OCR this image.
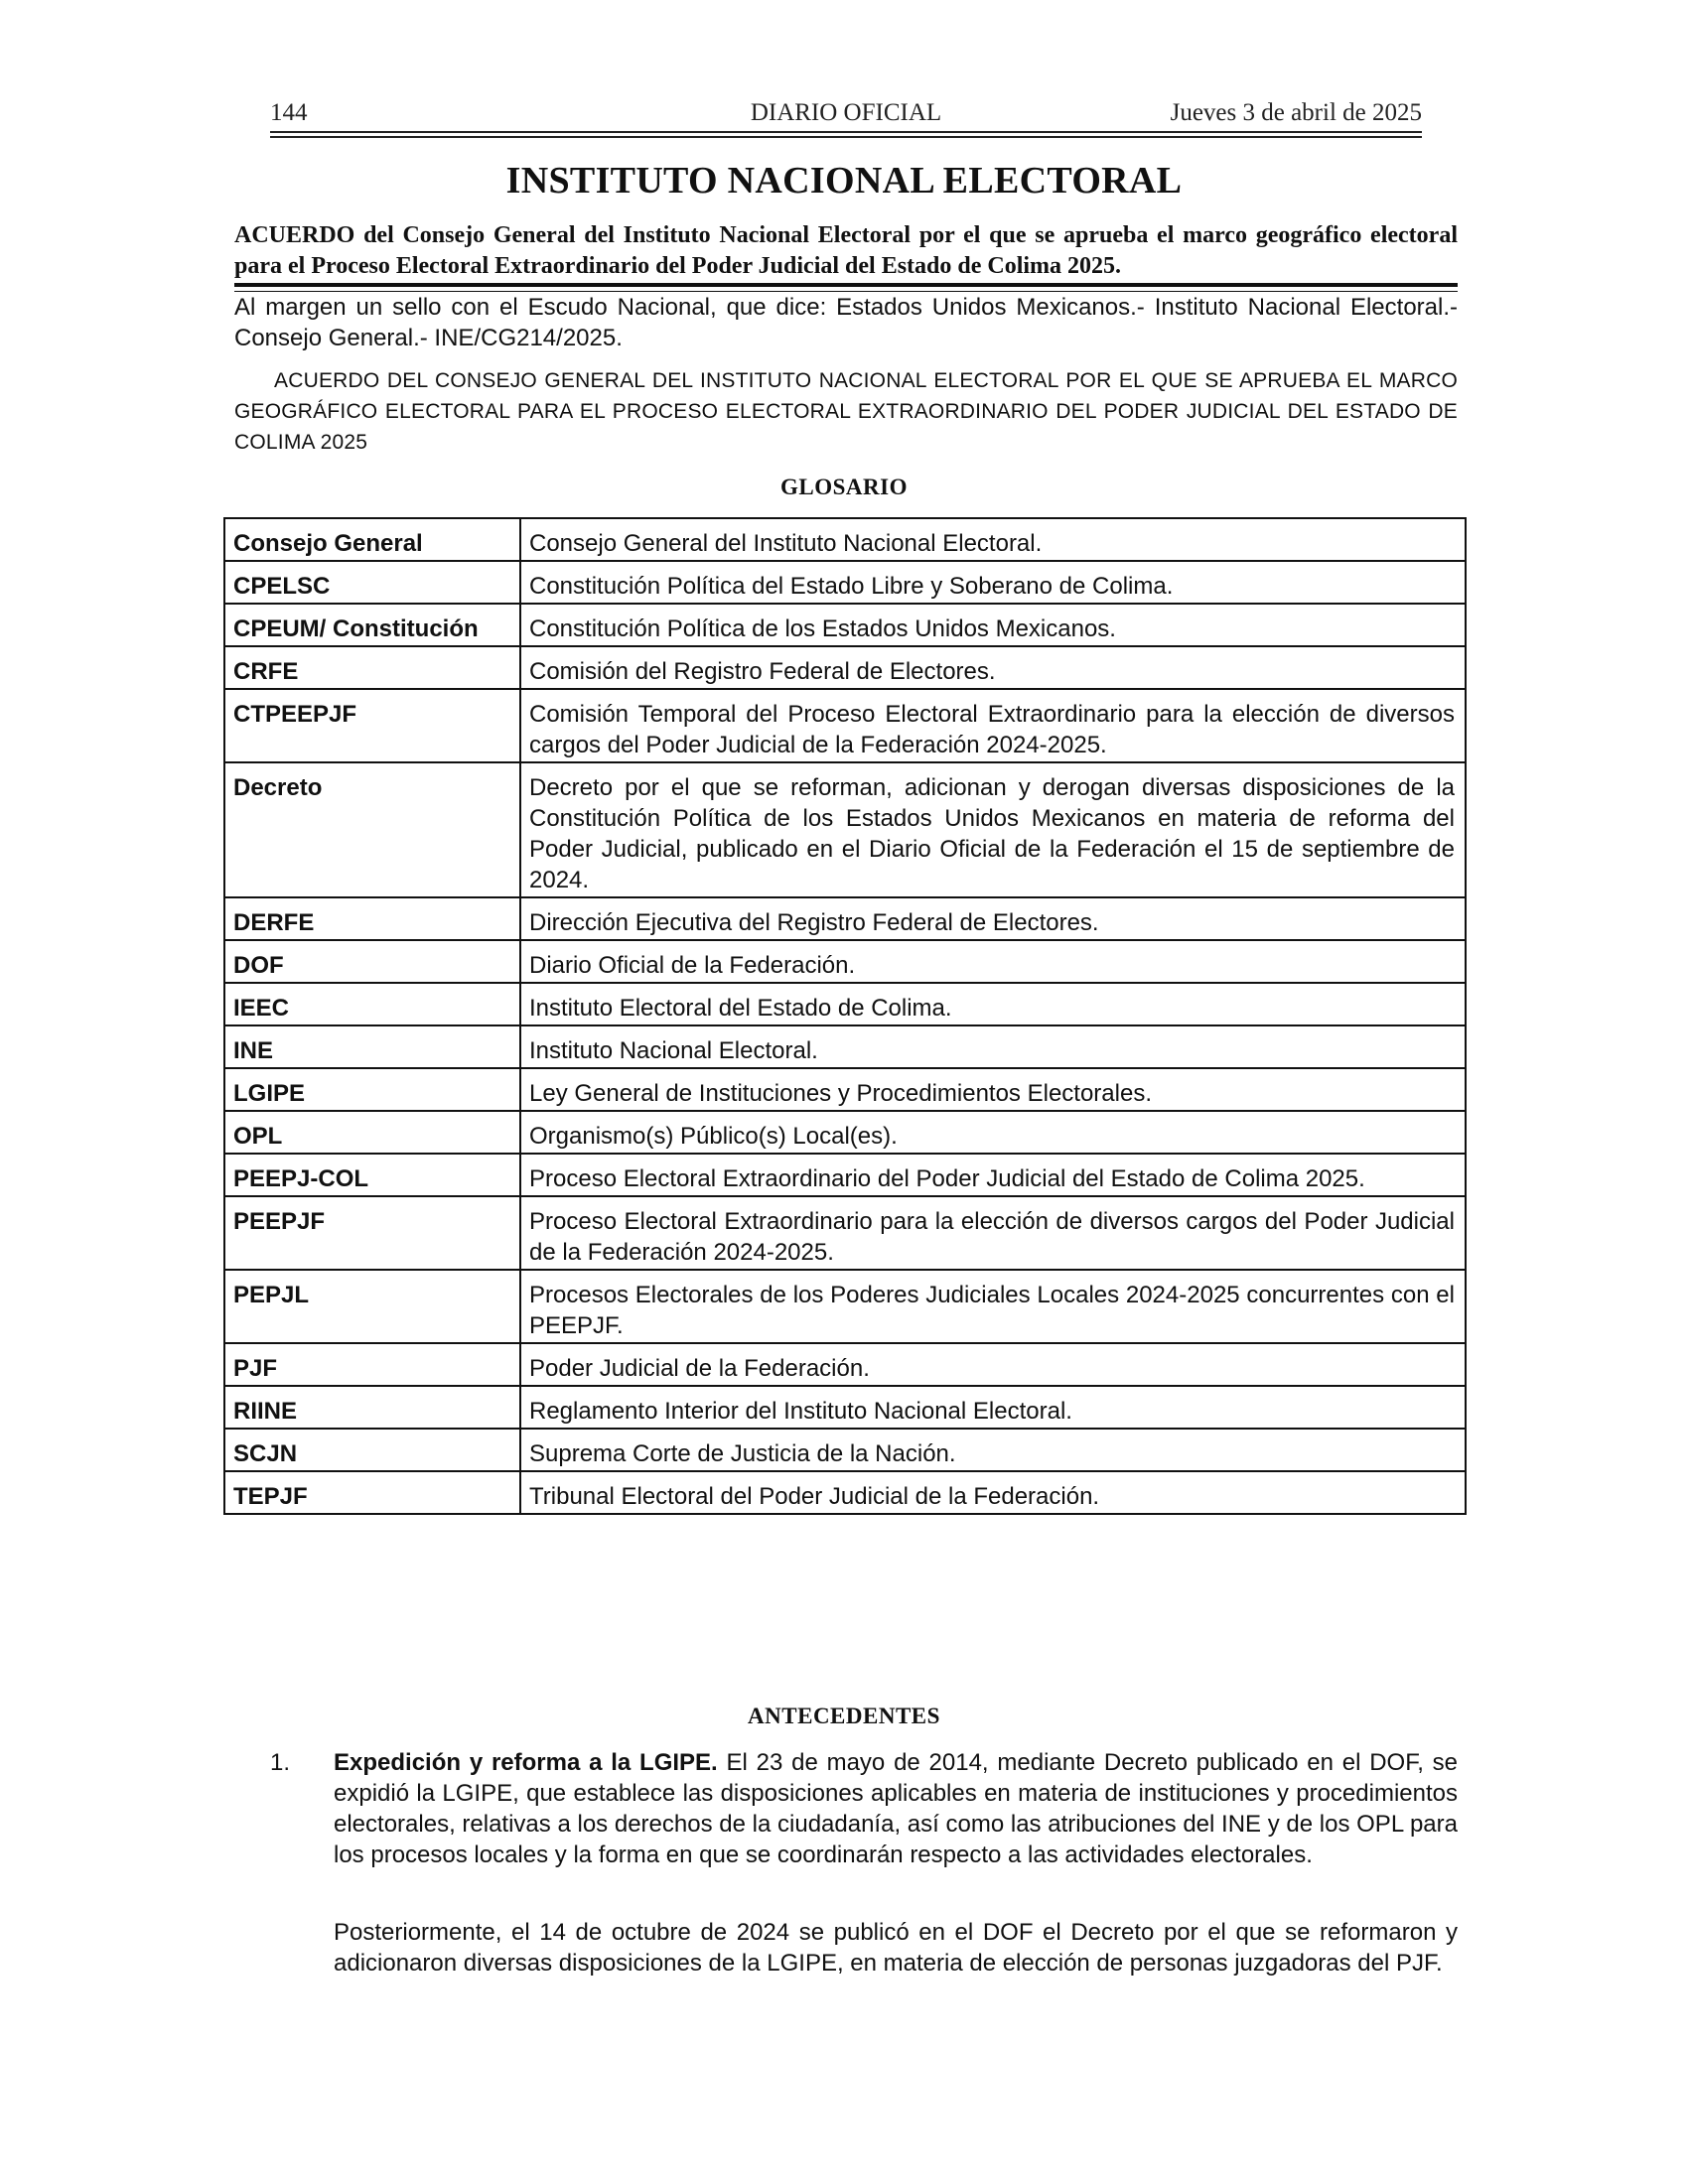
144	DIARIO OFICIAL	Jueves 3 de abril de 2025
INSTITUTO NACIONAL ELECTORAL
ACUERDO del Consejo General del Instituto Nacional Electoral por el que se aprueba el marco geográfico electoral para el Proceso Electoral Extraordinario del Poder Judicial del Estado de Colima 2025.
Al margen un sello con el Escudo Nacional, que dice: Estados Unidos Mexicanos.- Instituto Nacional Electoral.- Consejo General.- INE/CG214/2025.
ACUERDO DEL CONSEJO GENERAL DEL INSTITUTO NACIONAL ELECTORAL POR EL QUE SE APRUEBA EL MARCO GEOGRÁFICO ELECTORAL PARA EL PROCESO ELECTORAL EXTRAORDINARIO DEL PODER JUDICIAL DEL ESTADO DE COLIMA 2025
GLOSARIO
Consejo General	Consejo General del Instituto Nacional Electoral.
CPELSC	Constitución Política del Estado Libre y Soberano de Colima.
CPEUM/ Constitución	Constitución Política de los Estados Unidos Mexicanos.
CRFE	Comisión del Registro Federal de Electores.
CTPEEPJF	Comisión Temporal del Proceso Electoral Extraordinario para la elección de diversos cargos del Poder Judicial de la Federación 2024-2025.
Decreto	Decreto por el que se reforman, adicionan y derogan diversas disposiciones de la Constitución Política de los Estados Unidos Mexicanos en materia de reforma del Poder Judicial, publicado en el Diario Oficial de la Federación el 15 de septiembre de 2024.
DERFE	Dirección Ejecutiva del Registro Federal de Electores.
DOF	Diario Oficial de la Federación.
IEEC	Instituto Electoral del Estado de Colima.
INE	Instituto Nacional Electoral.
LGIPE	Ley General de Instituciones y Procedimientos Electorales.
OPL	Organismo(s) Público(s) Local(es).
PEEPJ-COL	Proceso Electoral Extraordinario del Poder Judicial del Estado de Colima 2025.
PEEPJF	Proceso Electoral Extraordinario para la elección de diversos cargos del Poder Judicial de la Federación 2024-2025.
PEPJL	Procesos Electorales de los Poderes Judiciales Locales 2024-2025 concurrentes con el PEEPJF.
PJF	Poder Judicial de la Federación.
RIINE	Reglamento Interior del Instituto Nacional Electoral.
SCJN	Suprema Corte de Justicia de la Nación.
TEPJF	Tribunal Electoral del Poder Judicial de la Federación.
ANTECEDENTES
1. Expedición y reforma a la LGIPE. El 23 de mayo de 2014, mediante Decreto publicado en el DOF, se expidió la LGIPE, que establece las disposiciones aplicables en materia de instituciones y procedimientos electorales, relativas a los derechos de la ciudadanía, así como las atribuciones del INE y de los OPL para los procesos locales y la forma en que se coordinarán respecto a las actividades electorales.
Posteriormente, el 14 de octubre de 2024 se publicó en el DOF el Decreto por el que se reformaron y adicionaron diversas disposiciones de la LGIPE, en materia de elección de personas juzgadoras del PJF.
